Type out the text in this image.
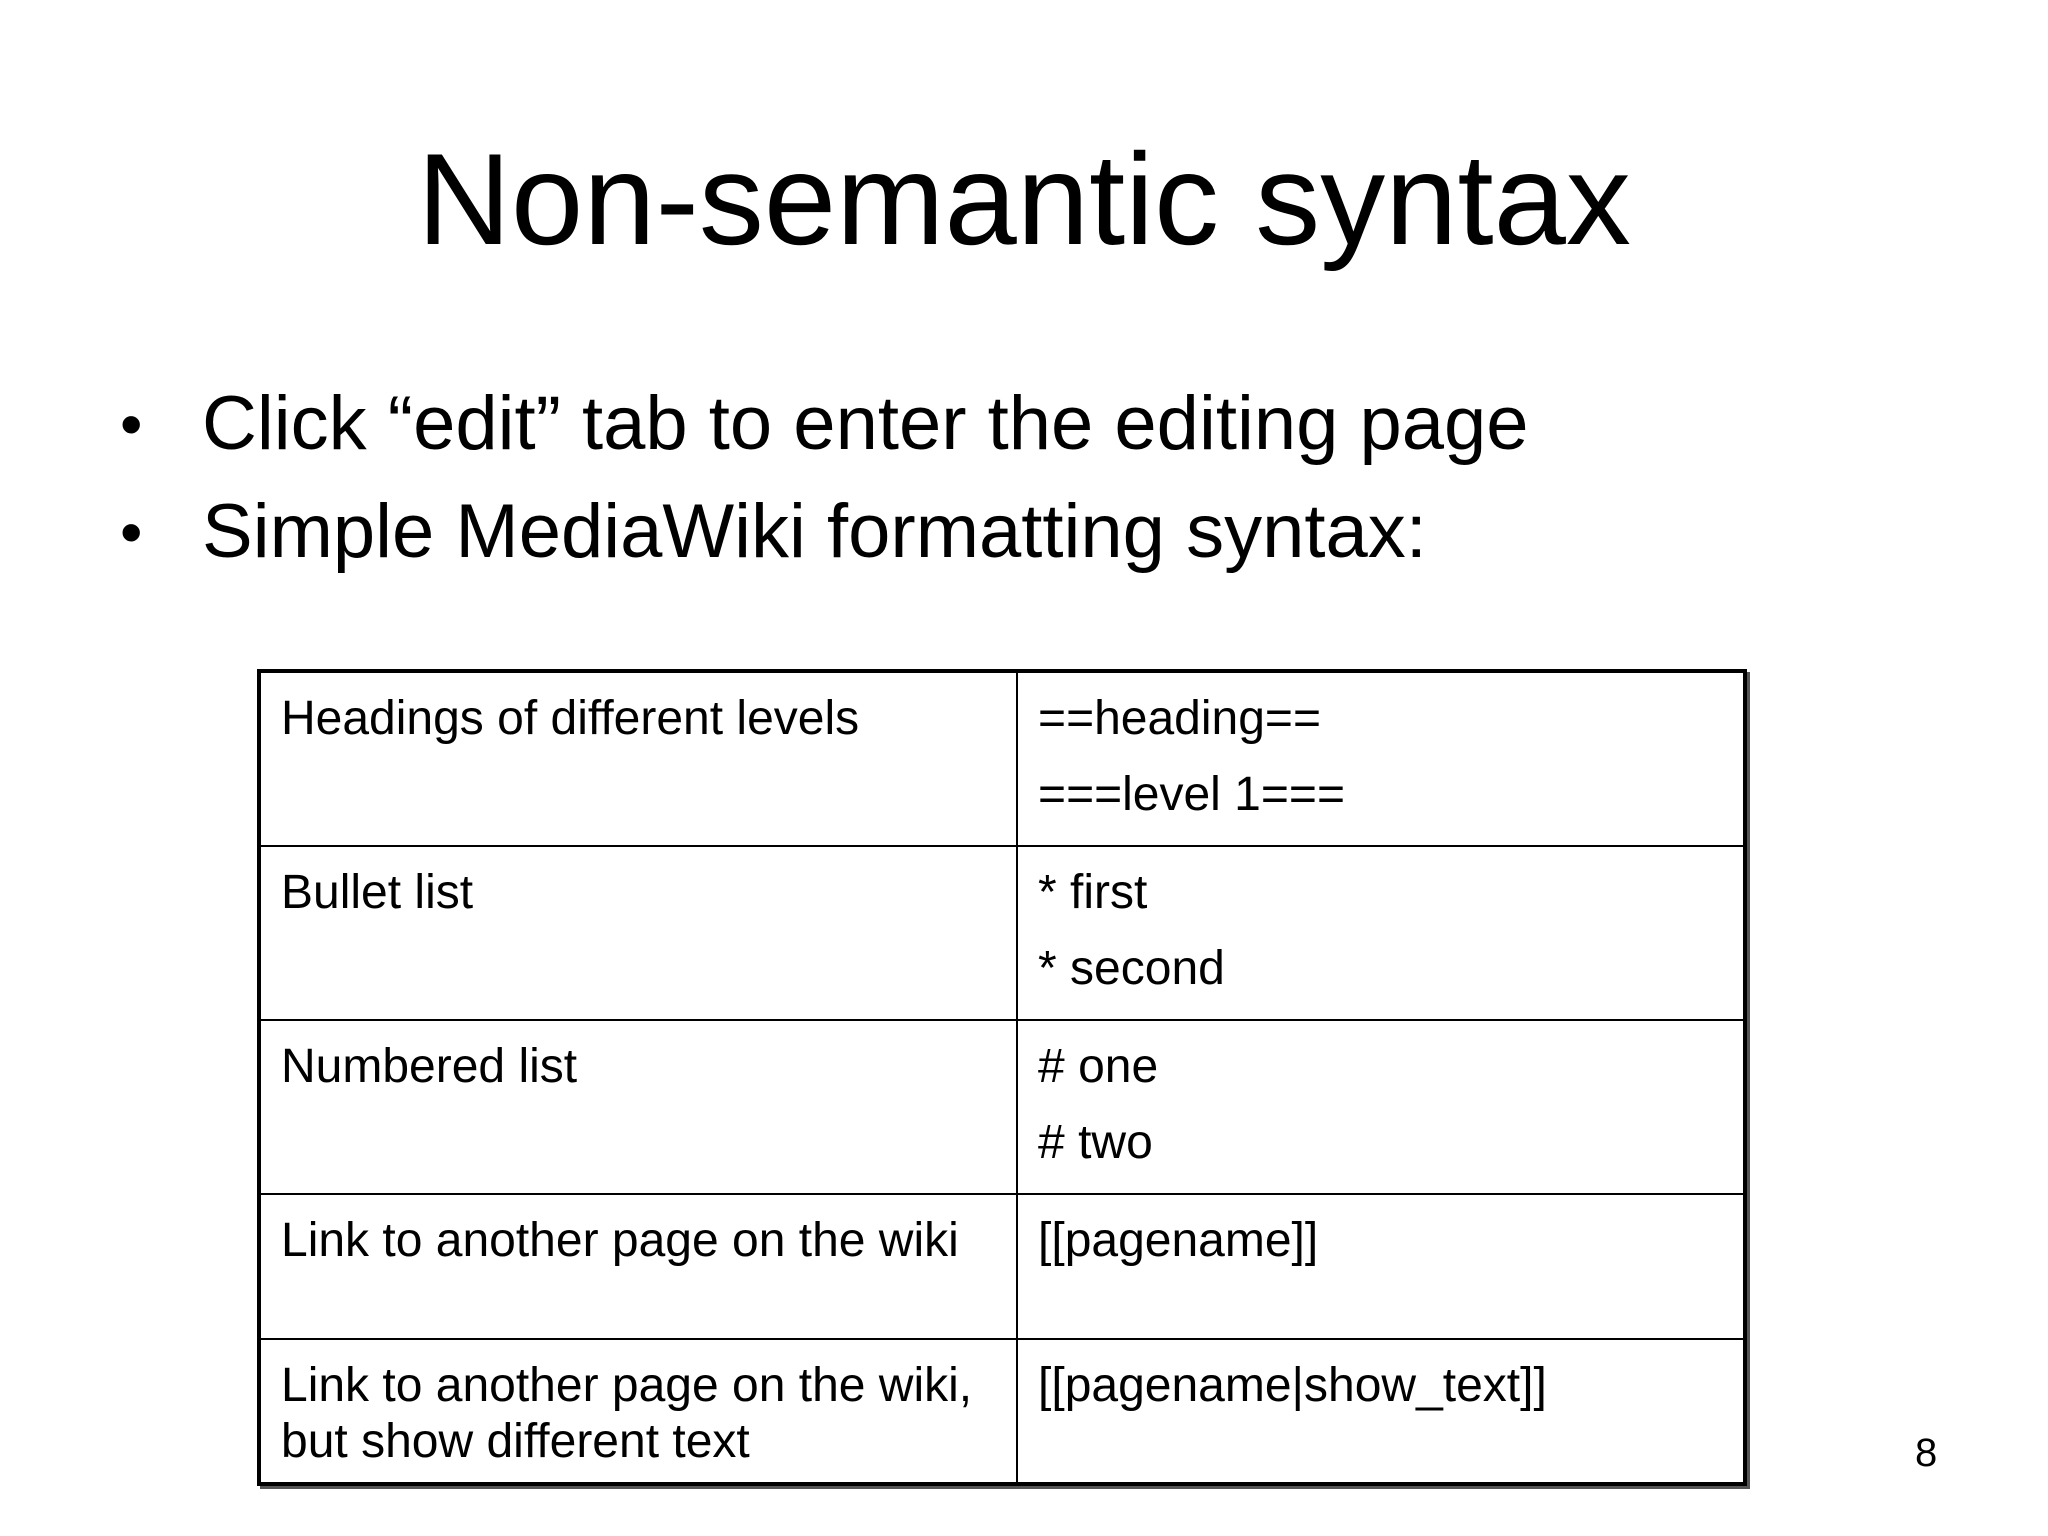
Non-semantic syntax
• Click “edit” tab to enter the editing page
• Simple MediaWiki formatting syntax:
Headings of different levels	==heading==
===level 1===

Bullet list	* first
* second

Numbered list	# one
# two

Link to another page on the wiki	[[pagename]]

Link to another page on the wiki, but show different text	[[pagename|show_text]]
8
